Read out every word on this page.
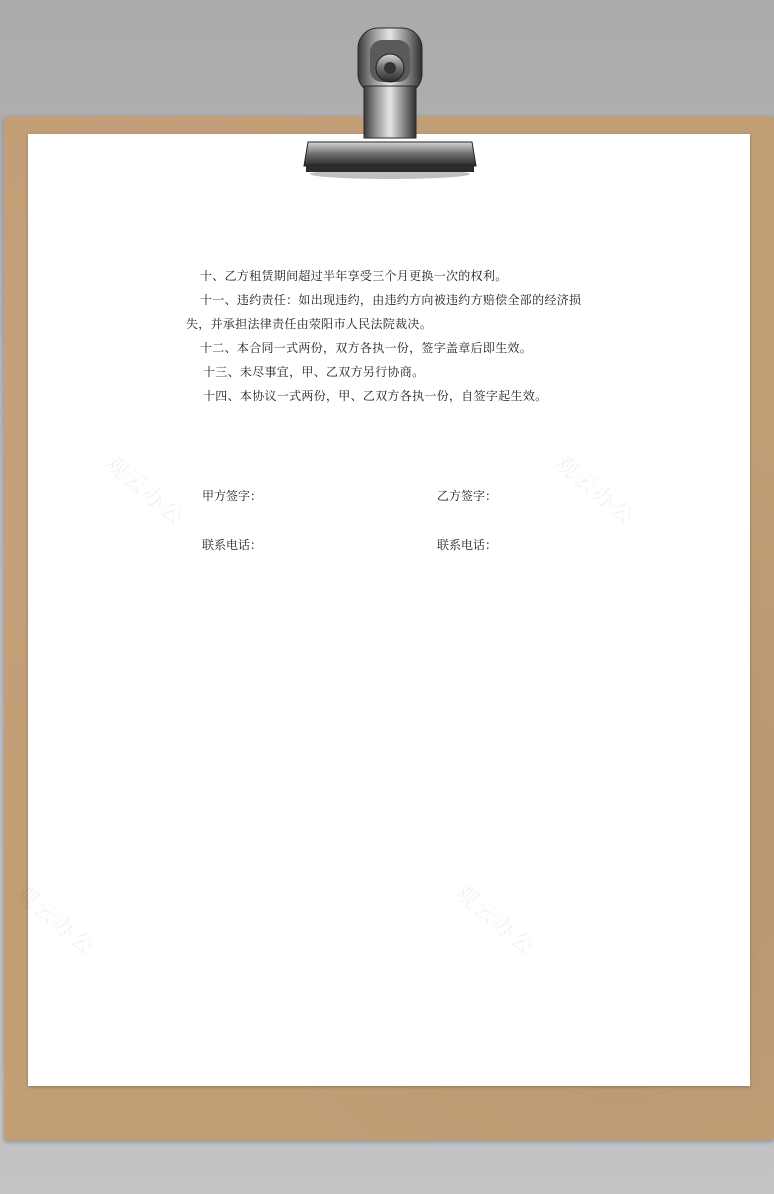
观云办公	观云办公
观云办公	观云办公
十、乙方租赁期间超过半年享受三个月更换一次的权利。
十一、违约责任：如出现违约，由违约方向被违约方赔偿全部的经济损
失，并承担法律责任由荥阳市人民法院裁决。
十二、本合同一式两份，双方各执一份，签字盖章后即生效。
十三、未尽事宜，甲、乙双方另行协商。
十四、本协议一式两份，甲、乙双方各执一份，自签字起生效。
甲方签字：	乙方签字：
联系电话：	联系电话：
